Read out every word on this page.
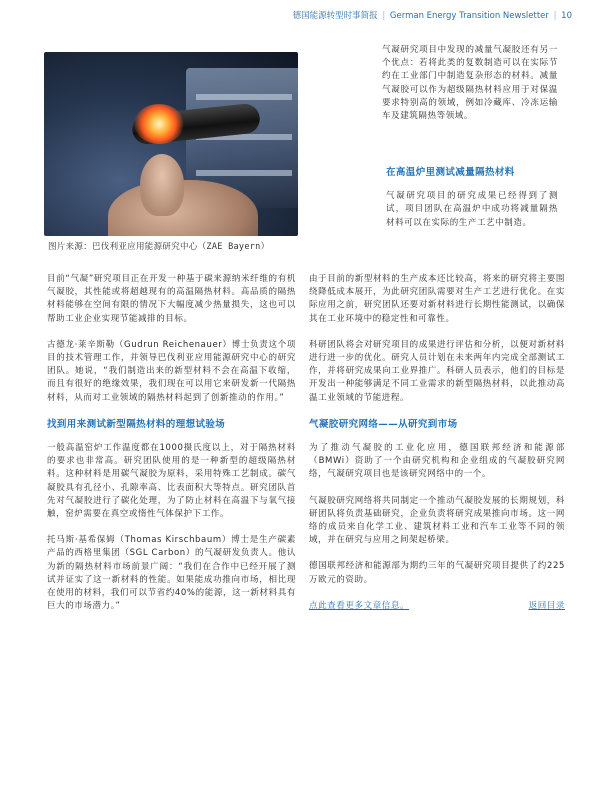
德国能源转型时事简报 | German Energy Transition Newsletter | 10
图片来源：巴伐利亚应用能源研究中心（ZAE Bayern）

气凝研究项目中发现的减量气凝胶还有另一个优点：若将此类的复数制造可以在实际节约在工业部门中制造复杂形态的材料。减量气凝胶可以作为超级隔热材料应用于对保温要求特别高的领域，例如冷藏库、冷冻运输车及建筑隔热等领域。

在高温炉里测试减量隔热材料

气凝研究项目的研究成果已经得到了测试，项目团队在高温炉中成功将减量隔热材料可以在实际的生产工艺中制造。

目前“气凝”研究项目正在开发一种基于碳来源纳米纤维的有机气凝胶，其性能或将超越现有的高温隔热材料。高品质的隔热材料能够在空间有限的情况下大幅度减少热量损失，这也可以帮助工业企业实现节能减排的目标。

古德龙·莱辛斯勒（Gudrun Reichenauer）博士负责这个项目的技术管理工作，并领导巴伐利亚应用能源研究中心的研究团队。她说，“我们制造出来的新型材料不会在高温下收缩，而且有很好的绝缘效果，我们现在可以用它来研发新一代隔热材料，从而对工业领域的隔热材料起到了创新推动的作用。”

找到用来测试新型隔热材料的理想试验场

一般高温窑炉工作温度都在1000摄氏度以上，对于隔热材料的要求也非常高。研究团队使用的是一种新型的超级隔热材料。这种材料是用碳气凝胶为原料，采用特殊工艺制成。碳气凝胶具有孔径小、孔隙率高、比表面积大等特点。研究团队首先对气凝胶进行了碳化处理，为了防止材料在高温下与氧气接触，窑炉需要在真空或惰性气体保护下工作。

托马斯·基希保姆（Thomas Kirschbaum）博士是生产碳素产品的西格里集团（SGL Carbon）的气凝研发负责人。他认为新的隔热材料市场前景广阔：“我们在合作中已经开展了测试并证实了这一新材料的性能。如果能成功推向市场，相比现在使用的材料，我们可以节省约40%的能源，这一新材料具有巨大的市场潜力。”

由于目前的新型材料的生产成本还比较高，将来的研究将主要围绕降低成本展开，为此研究团队需要对生产工艺进行优化。在实际应用之前，研究团队还要对新材料进行长期性能测试，以确保其在工业环境中的稳定性和可靠性。

科研团队将会对研究项目的成果进行评估和分析，以便对新材料进行进一步的优化。研究人员计划在未来两年内完成全部测试工作，并将研究成果向工业界推广。科研人员表示，他们的目标是开发出一种能够满足不同工业需求的新型隔热材料，以此推动高温工业领域的节能进程。

气凝胶研究网络——从研究到市场

为了推动气凝胶的工业化应用，德国联邦经济和能源部（BMWi）资助了一个由研究机构和企业组成的气凝胶研究网络，气凝研究项目也是该研究网络中的一个。

气凝胶研究网络将共同制定一个推动气凝胶发展的长期规划，科研团队将负责基础研究，企业负责将研究成果推向市场。这一网络的成员来自化学工业、建筑材料工业和汽车工业等不同的领域，并在研究与应用之间架起桥梁。

德国联邦经济和能源部为期约三年的气凝研究项目提供了约225万欧元的资助。

点此查看更多文章信息。	返回目录
